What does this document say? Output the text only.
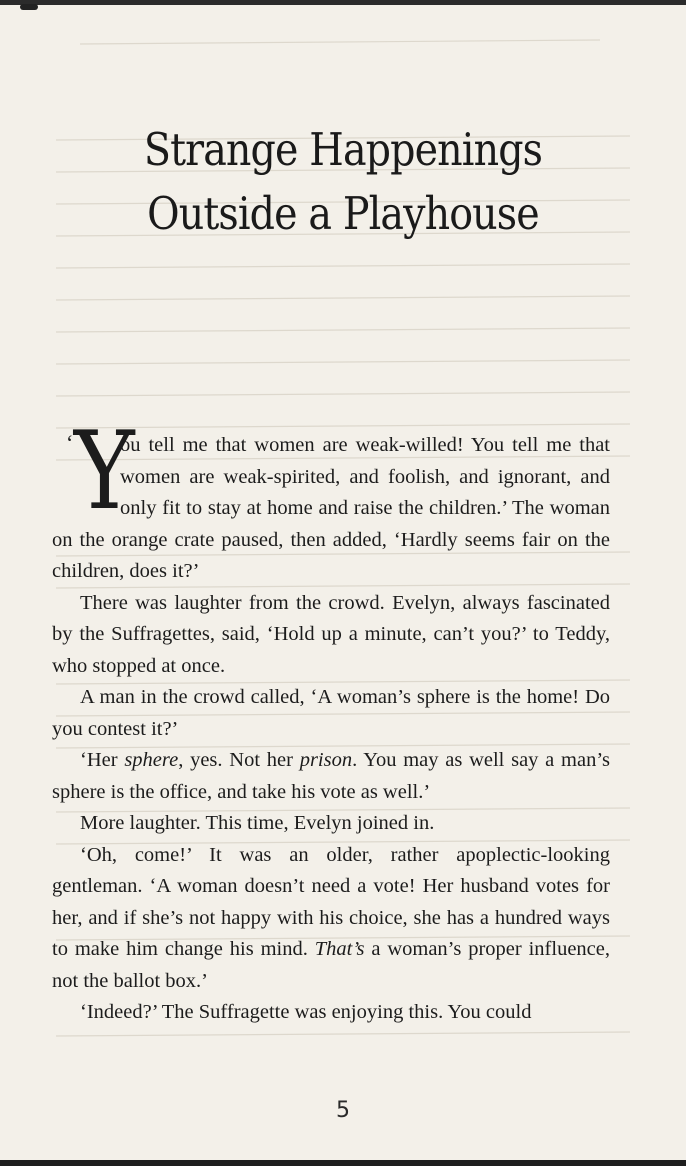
Strange Happenings
Outside a Playhouse

‘ Y
ou tell me that women are weak-willed! You tell me that women are weak-spirited, and foolish, and ignorant, and only fit to stay at home and raise the children.’ The woman on the orange crate paused, then added, ‘Hardly seems fair on the children, does it?’

There was laughter from the crowd. Evelyn, always fascinated by the Suffragettes, said, ‘Hold up a minute, can’t you?’ to Teddy, who stopped at once.

A man in the crowd called, ‘A woman’s sphere is the home! Do you contest it?’

‘Her sphere, yes. Not her prison. You may as well say a man’s sphere is the office, and take his vote as well.’

More laughter. This time, Evelyn joined in.

‘Oh, come!’ It was an older, rather apoplectic-looking gentleman. ‘A woman doesn’t need a vote! Her husband votes for her, and if she’s not happy with his choice, she has a hundred ways to make him change his mind. That’s a woman’s proper influence, not the ballot box.’

‘Indeed?’ The Suffragette was enjoying this. You could

5
